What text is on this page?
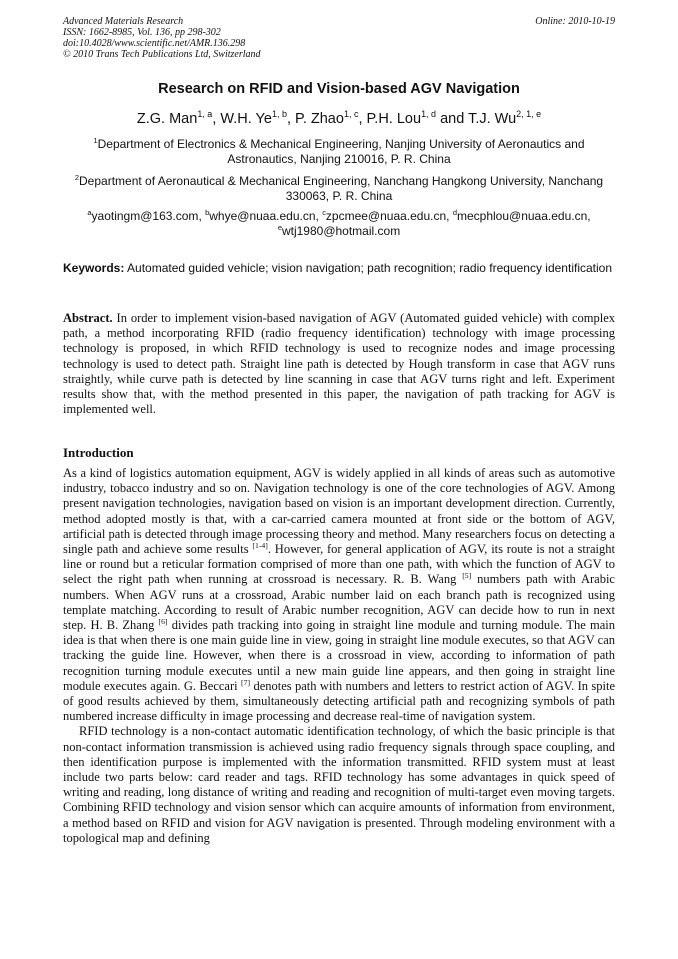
Advanced Materials Research
ISSN: 1662-8985, Vol. 136, pp 298-302
doi:10.4028/www.scientific.net/AMR.136.298
© 2010 Trans Tech Publications Ltd, Switzerland
Online: 2010-10-19
Research on RFID and Vision-based AGV Navigation
Z.G. Man$^{1, a}$, W.H. Ye$^{1, b}$, P. Zhao$^{1, c}$, P.H. Lou$^{1, d}$ and T.J. Wu$^{2, 1, e}$
$^1$Department of Electronics & Mechanical Engineering, Nanjing University of Aeronautics and Astronautics, Nanjing 210016, P. R. China
$^2$Department of Aeronautical & Mechanical Engineering, Nanchang Hangkong University, Nanchang 330063, P. R. China
$^a$yaotingm@163.com, $^b$whye@nuaa.edu.cn, $^c$zpcmee@nuaa.edu.cn, $^d$mecphlou@nuaa.edu.cn, $^e$wtj1980@hotmail.com
Keywords: Automated guided vehicle; vision navigation; path recognition; radio frequency identification
Abstract. In order to implement vision-based navigation of AGV (Automated guided vehicle) with complex path, a method incorporating RFID (radio frequency identification) technology with image processing technology is proposed, in which RFID technology is used to recognize nodes and image processing technology is used to detect path. Straight line path is detected by Hough transform in case that AGV runs straightly, while curve path is detected by line scanning in case that AGV turns right and left. Experiment results show that, with the method presented in this paper, the navigation of path tracking for AGV is implemented well.
Introduction

As a kind of logistics automation equipment, AGV is widely applied in all kinds of areas such as automotive industry, tobacco industry and so on. Navigation technology is one of the core technologies of AGV. Among present navigation technologies, navigation based on vision is an important development direction. Currently, method adopted mostly is that, with a car-carried camera mounted at front side or the bottom of AGV, artificial path is detected through image processing theory and method. Many researchers focus on detecting a single path and achieve some results [1-4]. However, for general application of AGV, its route is not a straight line or round but a reticular formation comprised of more than one path, with which the function of AGV to select the right path when running at crossroad is necessary. R. B. Wang [5] numbers path with Arabic numbers. When AGV runs at a crossroad, Arabic number laid on each branch path is recognized using template matching. According to result of Arabic number recognition, AGV can decide how to run in next step. H. B. Zhang [6] divides path tracking into going in straight line module and turning module. The main idea is that when there is one main guide line in view, going in straight line module executes, so that AGV can tracking the guide line. However, when there is a crossroad in view, according to information of path recognition turning module executes until a new main guide line appears, and then going in straight line module executes again. G. Beccari [7] denotes path with numbers and letters to restrict action of AGV. In spite of good results achieved by them, simultaneously detecting artificial path and recognizing symbols of path numbered increase difficulty in image processing and decrease real-time of navigation system.

RFID technology is a non-contact automatic identification technology, of which the basic principle is that non-contact information transmission is achieved using radio frequency signals through space coupling, and then identification purpose is implemented with the information transmitted. RFID system must at least include two parts below: card reader and tags. RFID technology has some advantages in quick speed of writing and reading, long distance of writing and reading and recognition of multi-target even moving targets. Combining RFID technology and vision sensor which can acquire amounts of information from environment, a method based on RFID and vision for AGV navigation is presented. Through modeling environment with a topological map and defining
